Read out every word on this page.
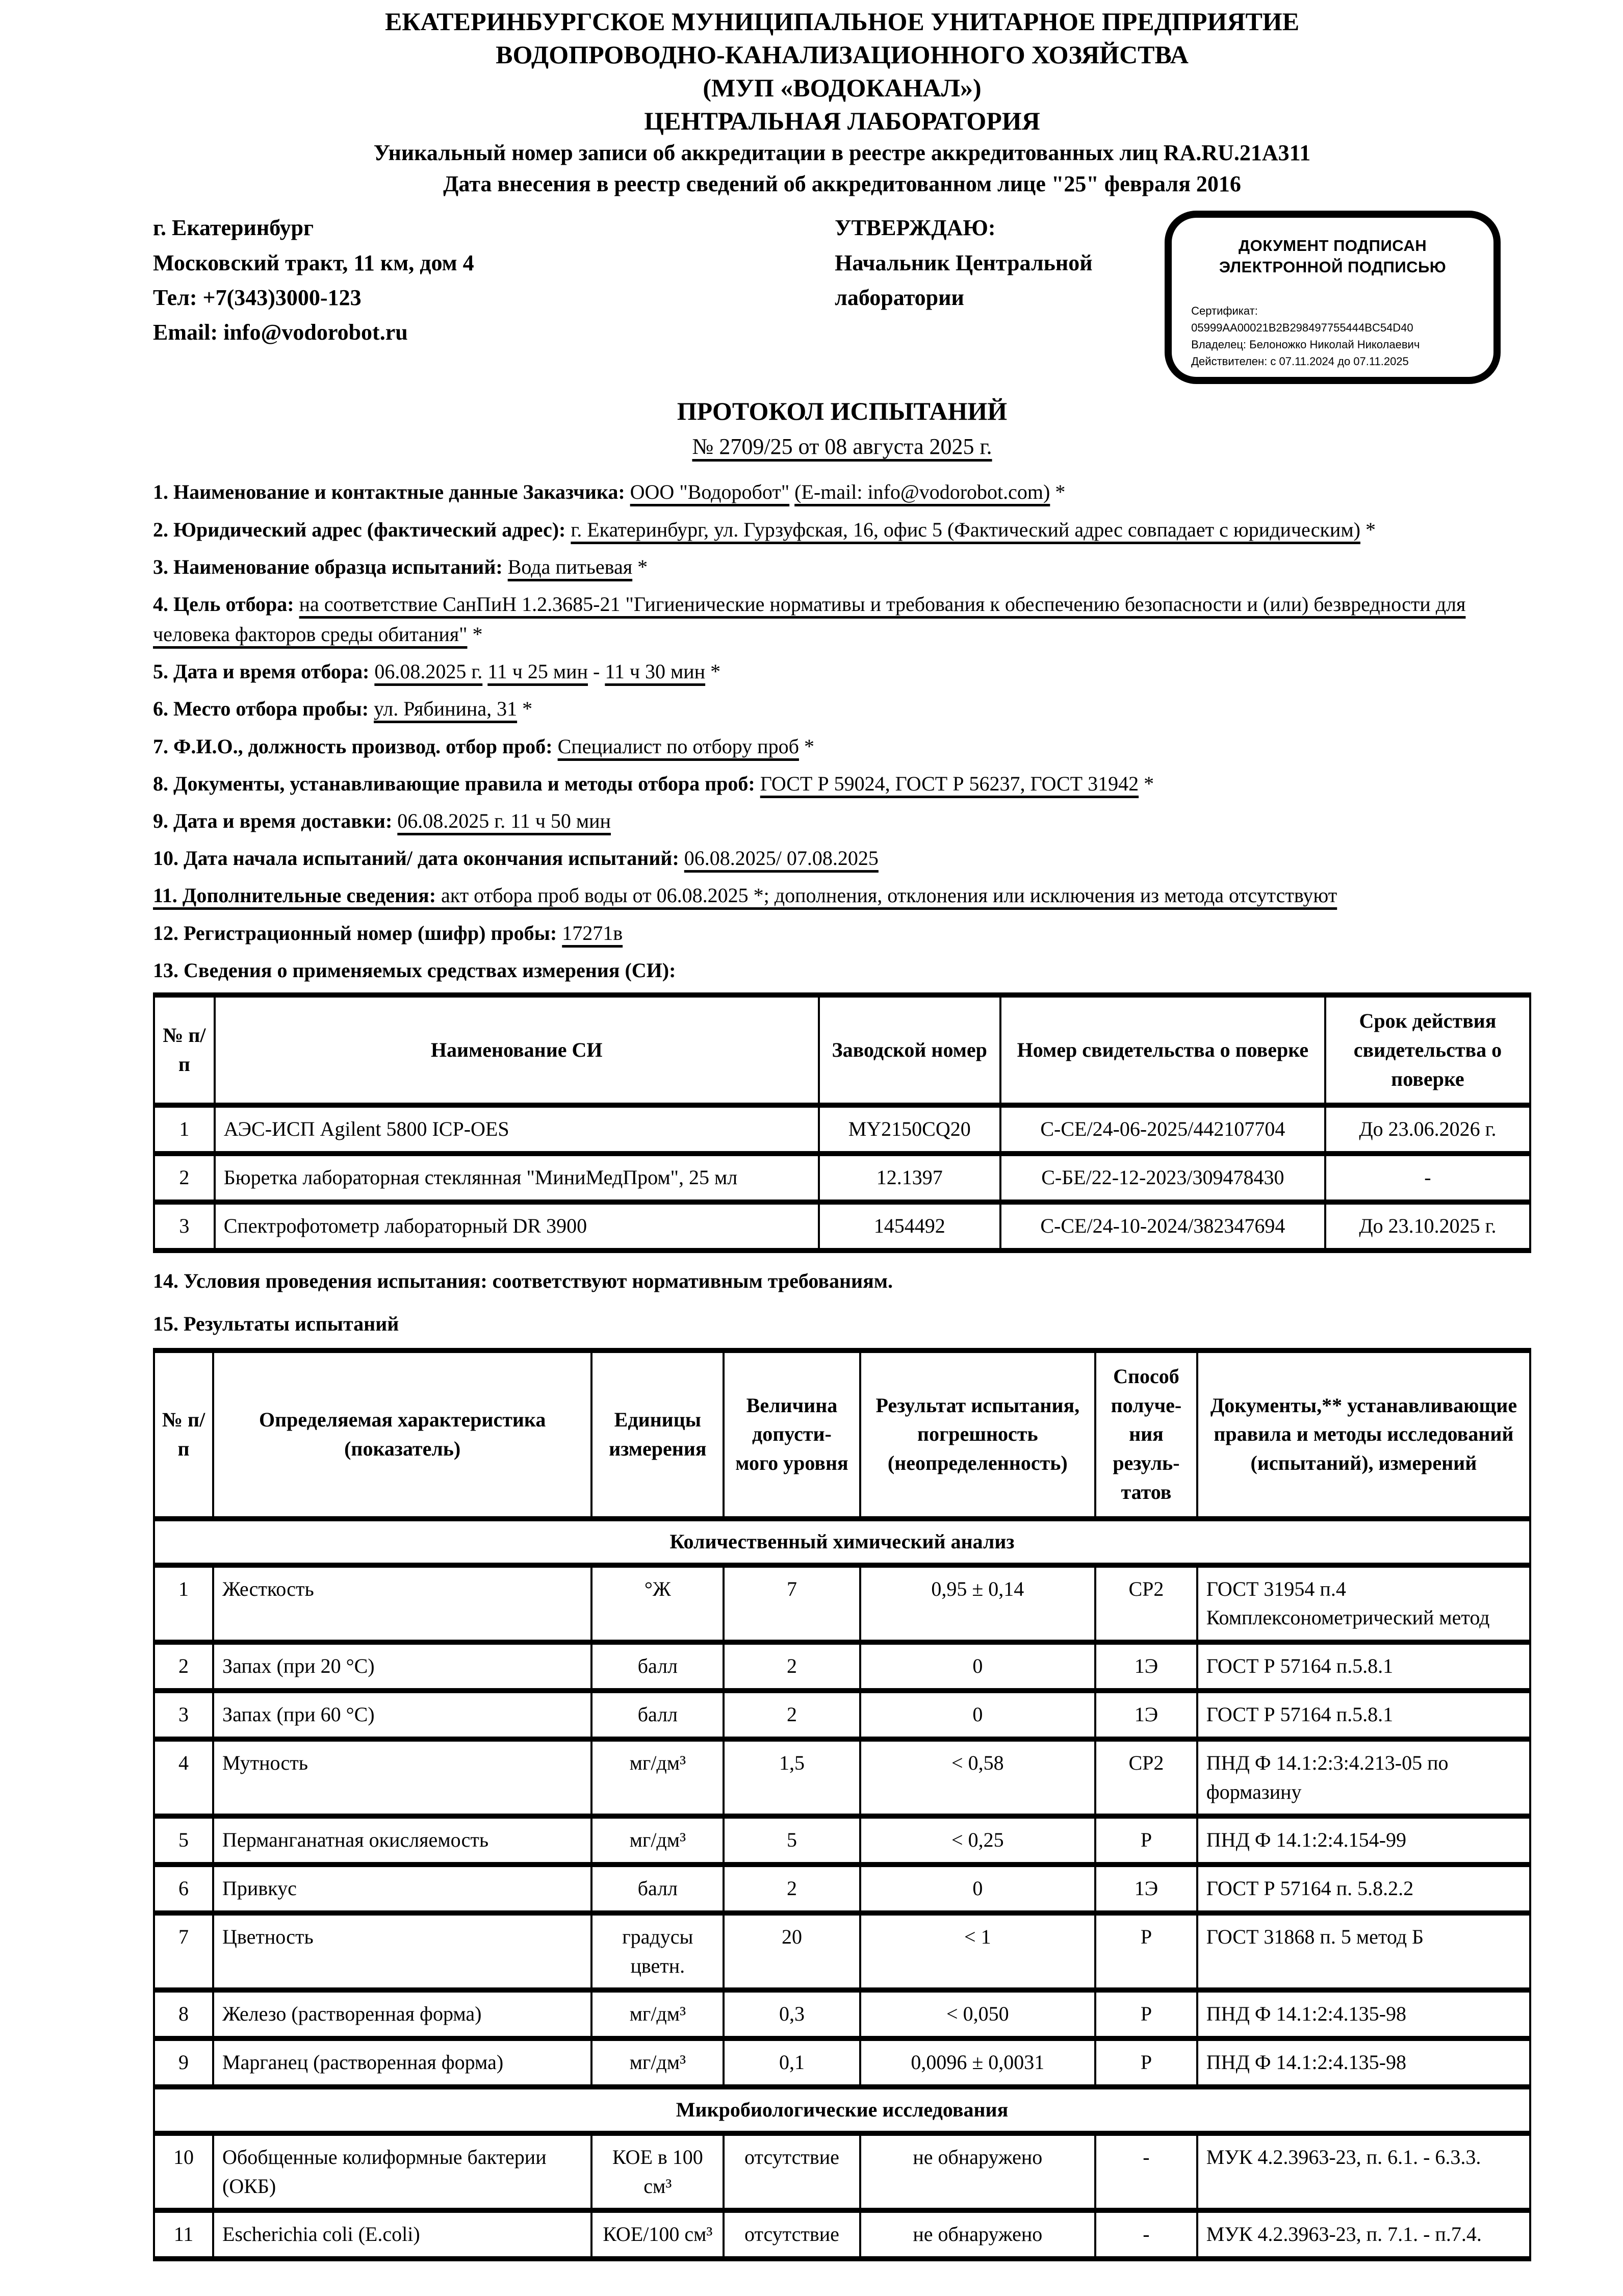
ЕКАТЕРИНБУРГСКОЕ МУНИЦИПАЛЬНОЕ УНИТАРНОЕ ПРЕДПРИЯТИЕ
ВОДОПРОВОДНО-КАНАЛИЗАЦИОННОГО ХОЗЯЙСТВА
(МУП «ВОДОКАНАЛ»)
ЦЕНТРАЛЬНАЯ ЛАБОРАТОРИЯ
Уникальный номер записи об аккредитации в реестре аккредитованных лиц RA.RU.21А311
Дата внесения в реестр сведений об аккредитованном лице "25" февраля 2016
г. Екатеринбург
Московский тракт, 11 км, дом 4
Тел: +7(343)3000-123
Email: info@vodorobot.ru
УТВЕРЖДАЮ:
Начальник Центральной
лаборатории
ДОКУМЕНТ ПОДПИСАН
ЭЛЕКТРОННОЙ ПОДПИСЬЮ
Сертификат: 05999AA00021B2B298497755444BC54D40
Владелец: Белоножко Николай Николаевич
Действителен: с 07.11.2024 до 07.11.2025
ПРОТОКОЛ ИСПЫТАНИЙ
№ 2709/25 от 08 августа 2025 г.

1. Наименование и контактные данные Заказчика: ООО "Водоробот" (E-mail: info@vodorobot.com) *

2. Юридический адрес (фактический адрес): г. Екатеринбург, ул. Гурзуфская, 16, офис 5 (Фактический адрес совпадает с юридическим) *

3. Наименование образца испытаний: Вода питьевая *

4. Цель отбора: на соответствие СанПиН 1.2.3685-21 "Гигиенические нормативы и требования к обеспечению безопасности и (или) безвредности для человека факторов среды обитания" *

5. Дата и время отбора: 06.08.2025 г. 11 ч 25 мин - 11 ч 30 мин *

6. Место отбора пробы: ул. Рябинина, 31 *

7. Ф.И.О., должность производ. отбор проб: Специалист по отбору проб *

8. Документы, устанавливающие правила и методы отбора проб: ГОСТ Р 59024, ГОСТ Р 56237, ГОСТ 31942 *

9. Дата и время доставки: 06.08.2025 г. 11 ч 50 мин

10. Дата начала испытаний/ дата окончания испытаний: 06.08.2025/ 07.08.2025

11. Дополнительные сведения: акт отбора проб воды от 06.08.2025 *; дополнения, отклонения или исключения из метода отсутствуют

12. Регистрационный номер (шифр) пробы: 17271в

13. Сведения о применяемых средствах измерения (СИ):

№ п/п	Наименование СИ	Заводской номер	Номер свидетельства о поверке	Срок действия свидетельства о поверке
1	АЭС-ИСП Agilent 5800 ICP-OES	MY2150CQ20	С-СЕ/24-06-2025/442107704	До 23.06.2026 г.
2	Бюретка лабораторная стеклянная "МиниМедПром", 25 мл	12.1397	С-БЕ/22-12-2023/309478430	-
3	Спектрофотометр лабораторный DR 3900	1454492	С-СЕ/24-10-2024/382347694	До 23.10.2025 г.

14. Условия проведения испытания: соответствуют нормативным требованиям.

15. Результаты испытаний

№ п/п	Определяемая характеристика (показатель)	Единицы измерения	Величина допусти-мого уровня	Результат испытания, погрешность (неопределенность)	Способ получе-ния резуль-татов	Документы,** устанавливающие правила и методы исследований (испытаний), измерений
Количественный химический анализ						
1	Жесткость	°Ж	7	0,95 ± 0,14	СР2	ГОСТ 31954 п.4 Комплексонометрический метод
2	Запах (при 20 °С)	балл	2	0	1Э	ГОСТ Р 57164 п.5.8.1
3	Запах (при 60 °С)	балл	2	0	1Э	ГОСТ Р 57164 п.5.8.1
4	Мутность	мг/дм³	1,5	< 0,58	СР2	ПНД Ф 14.1:2:3:4.213-05 по формазину
5	Перманганатная окисляемость	мг/дм³	5	< 0,25	Р	ПНД Ф 14.1:2:4.154-99
6	Привкус	балл	2	0	1Э	ГОСТ Р 57164 п. 5.8.2.2
7	Цветность	градусы цветн.	20	< 1	Р	ГОСТ 31868 п. 5 метод Б
8	Железо (растворенная форма)	мг/дм³	0,3	< 0,050	Р	ПНД Ф 14.1:2:4.135-98
9	Марганец (растворенная форма)	мг/дм³	0,1	0,0096 ± 0,0031	Р	ПНД Ф 14.1:2:4.135-98
Микробиологические исследования						
10	Обобщенные колиформные бактерии (ОКБ)	КОЕ в 100 см³	отсутствие	не обнаружено	-	МУК 4.2.3963-23, п. 6.1. - 6.3.3.
11	Escherichia coli (E.coli)	КОЕ/100 см³	отсутствие	не обнаружено	-	МУК 4.2.3963-23, п. 7.1. - п.7.4.
